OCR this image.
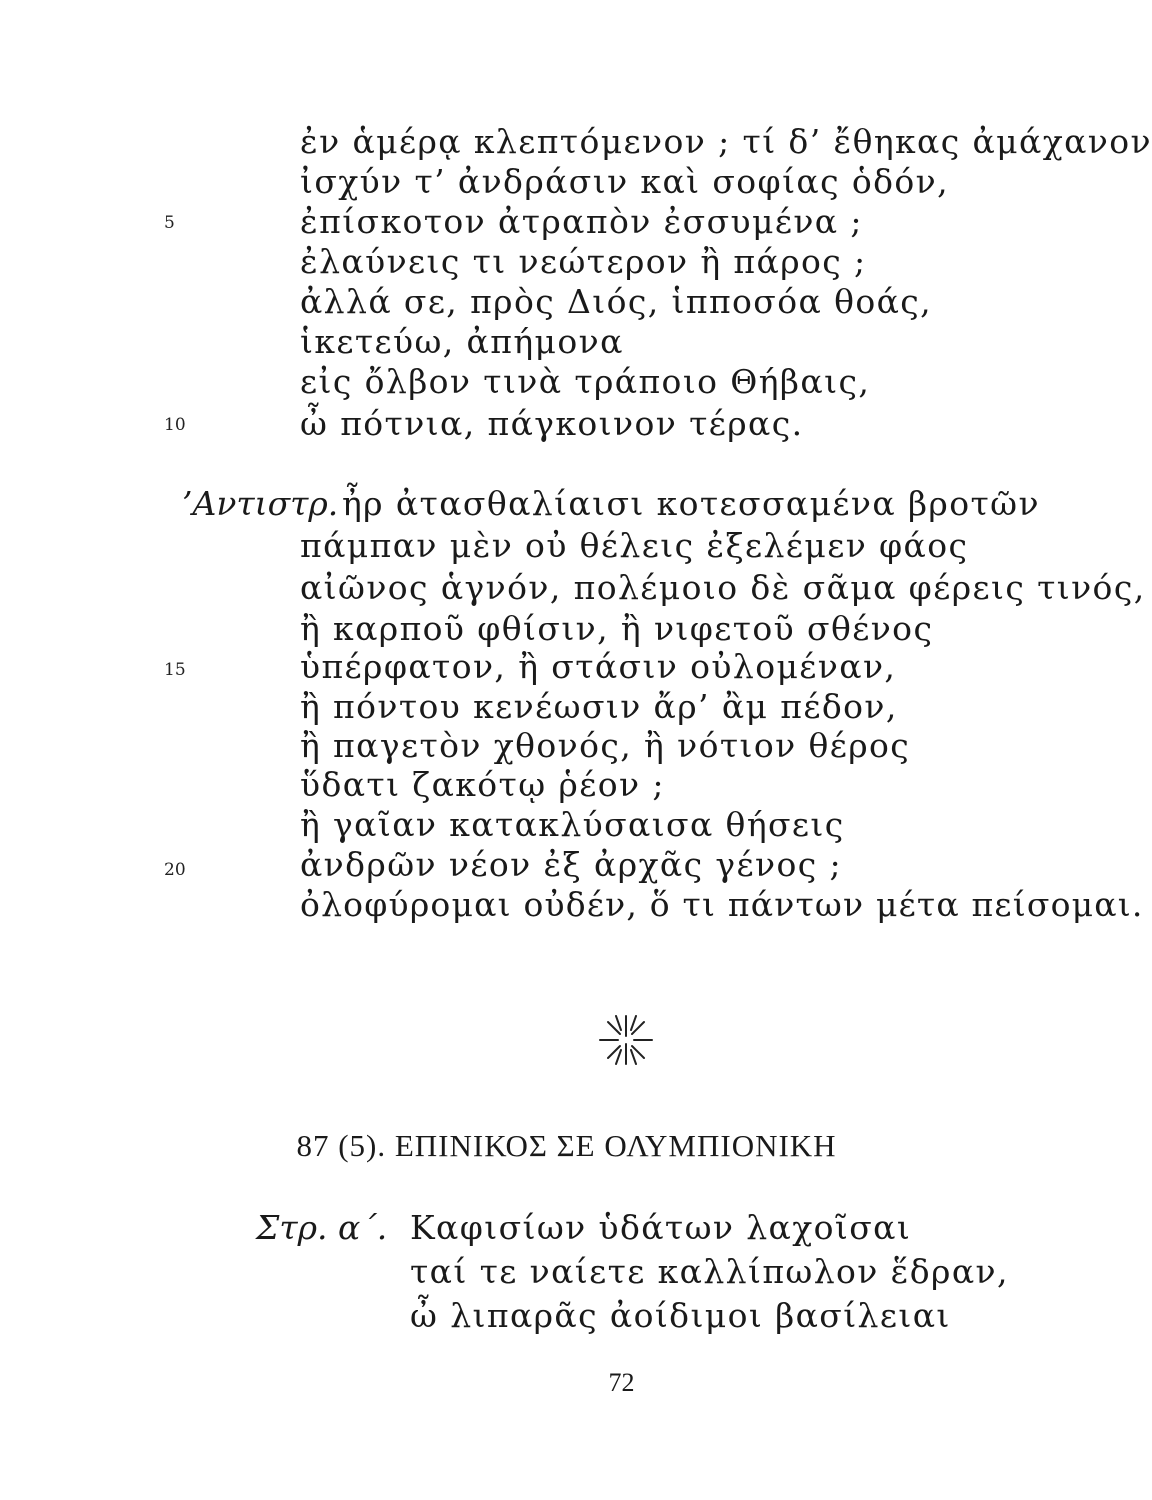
ἐν ἁμέρᾳ κλεπτόμενον ; τί δ’ ἔθηκας ἀμάχανον
ἰσχύν τ’ ἀνδράσιν καὶ σοφίας ὁδόν,
5	ἐπίσκοτον ἀτραπὸν ἐσσυμένα ;
ἐλαύνεις τι νεώτερον ἢ πάρος ;
ἀλλά σε, πρὸς Διός, ἱπποσόα θοάς,
ἱκετεύω, ἀπήμονα
εἰς ὄλβον τινὰ τράποιο Θήβαις,
10	ὦ πότνια, πάγκοινον τέρας.
’Αντιστρ. ἦρ ἀτασθαλίαισι κοτεσσαμένα βροτῶν
πάμπαν μὲν οὐ θέλεις ἐξελέμεν φάος
αἰῶνος ἁγνόν, πολέμοιο δὲ σᾶμα φέρεις τινός,
ἢ καρποῦ φθίσιν, ἢ νιφετοῦ σθένος
15	ὑπέρφατον, ἢ στάσιν οὐλομέναν,
ἢ πόντου κενέωσιν ἄρ’ ἂμ πέδον,
ἢ παγετὸν χθονός, ἢ νότιον θέρος
ὕδατι ζακότῳ ῥέον ;
ἢ γαῖαν κατακλύσαισα θήσεις
20	ἀνδρῶν νέον ἐξ ἀρχᾶς γένος ;
ὀλοφύρομαι οὐδέν, ὅ τι πάντων μέτα πείσομαι.
87 (5). ΕΠΙΝΙΚΟΣ ΣΕ ΟΛΥΜΠΙΟΝΙΚΗ
Στρ. α΄. Καφισίων ὑδάτων λαχοῖσαι
ταί τε ναίετε καλλίπωλον ἕδραν,
ὦ λιπαρᾶς ἀοίδιμοι βασίλειαι
72
